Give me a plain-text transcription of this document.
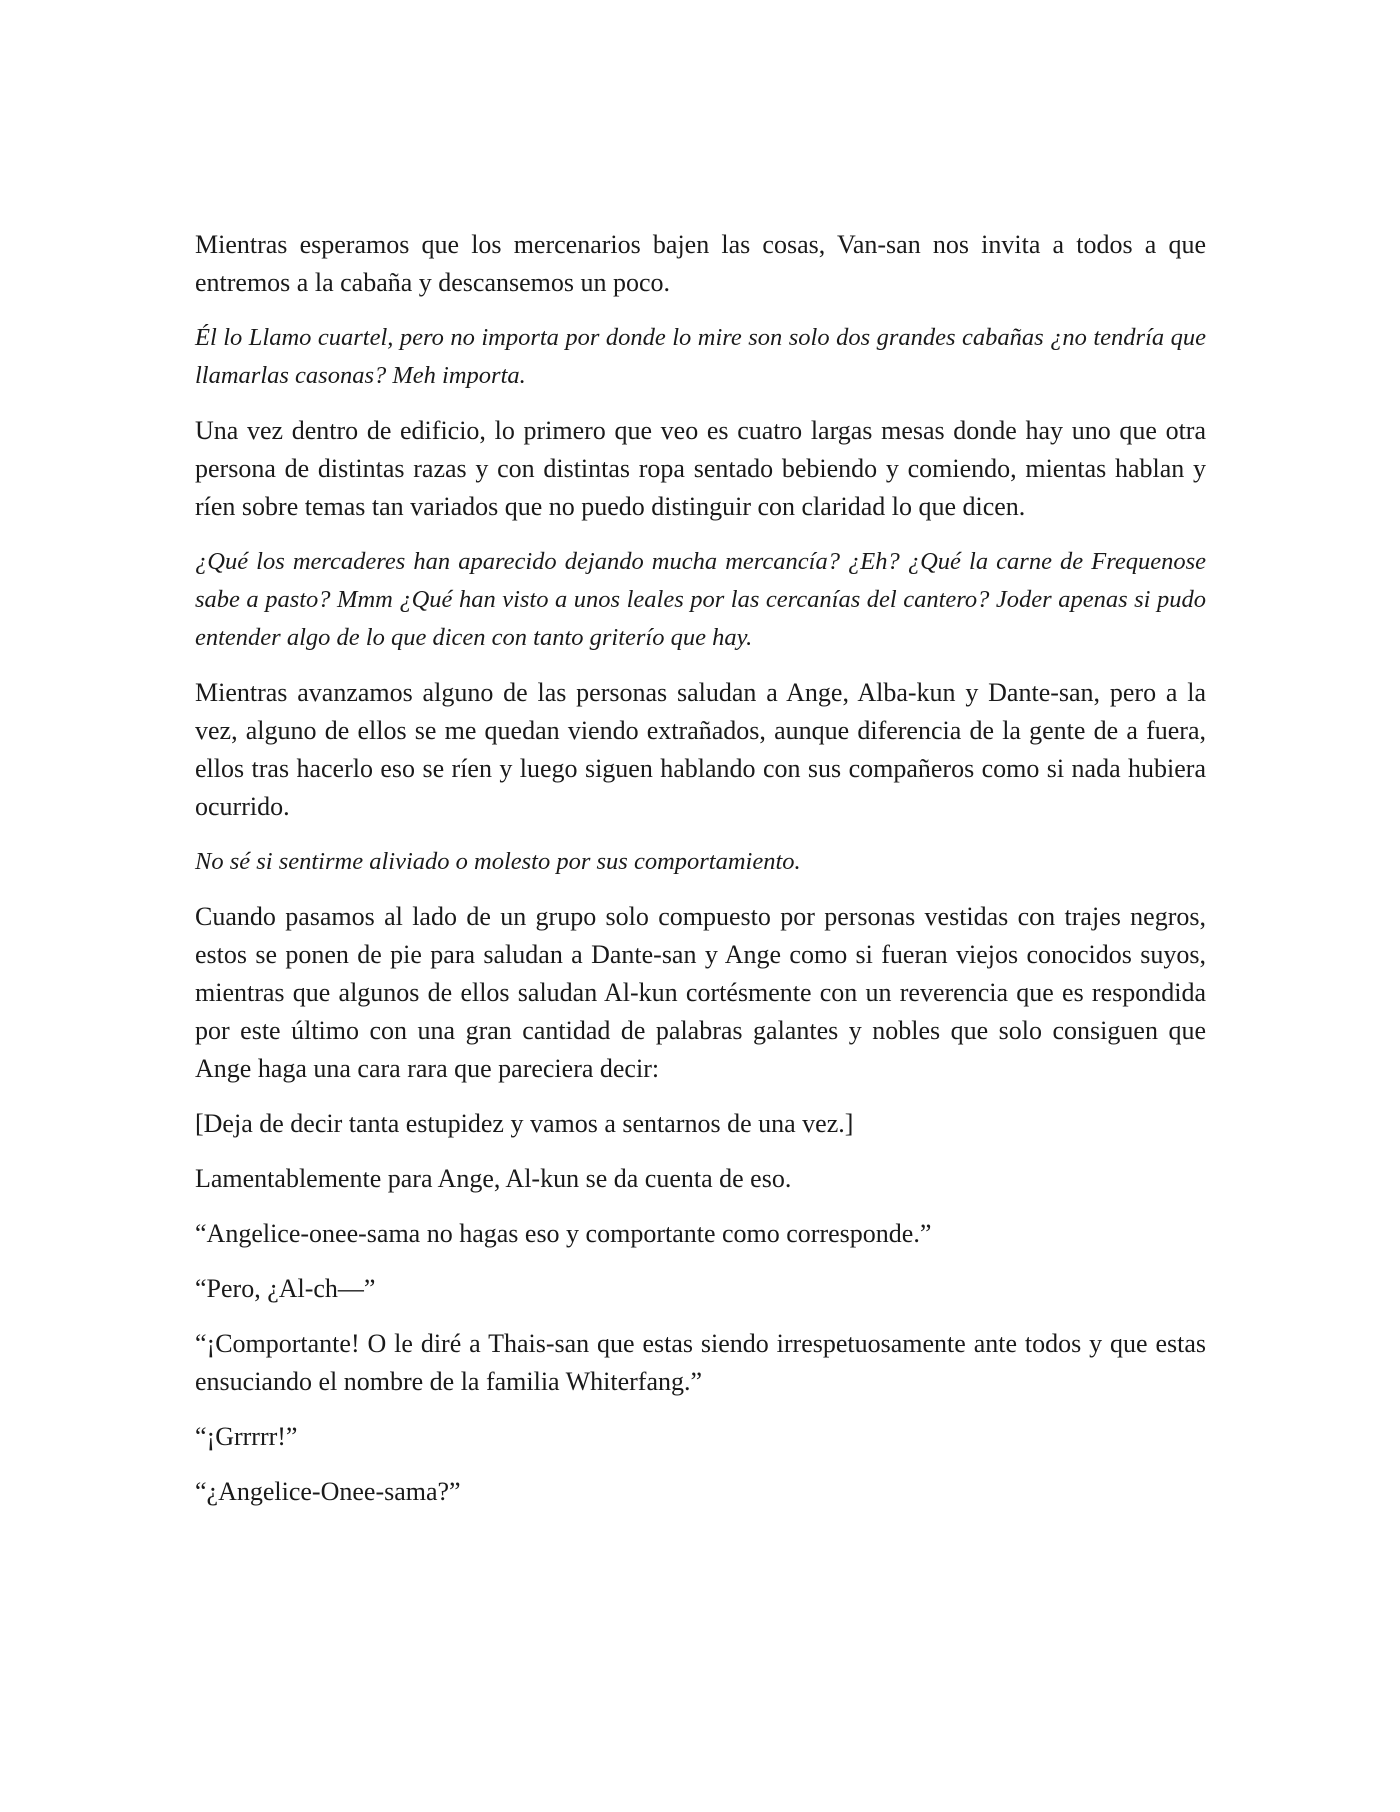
Mientras esperamos que los mercenarios bajen las cosas, Van-san nos invita a todos a que entremos a la cabaña y descansemos un poco.

Él lo Llamo cuartel, pero no importa por donde lo mire son solo dos grandes cabañas ¿no tendría que llamarlas casonas? Meh importa.

Una vez dentro de edificio, lo primero que veo es cuatro largas mesas donde hay uno que otra persona de distintas razas y con distintas ropa sentado bebiendo y comiendo, mientas hablan y ríen sobre temas tan variados que no puedo distinguir con claridad lo que dicen.

¿Qué los mercaderes han aparecido dejando mucha mercancía? ¿Eh? ¿Qué la carne de Frequenose sabe a pasto? Mmm ¿Qué han visto a unos leales por las cercanías del cantero? Joder apenas si pudo entender algo de lo que dicen con tanto griterío que hay.

Mientras avanzamos alguno de las personas saludan a Ange, Alba-kun y Dante-san, pero a la vez, alguno de ellos se me quedan viendo extrañados, aunque diferencia de la gente de a fuera, ellos tras hacerlo eso se ríen y luego siguen hablando con sus compañeros como si nada hubiera ocurrido.

No sé si sentirme aliviado o molesto por sus comportamiento.

Cuando pasamos al lado de un grupo solo compuesto por personas vestidas con trajes negros, estos se ponen de pie para saludan a Dante-san y Ange como si fueran viejos conocidos suyos, mientras que algunos de ellos saludan Al-kun cortésmente con un reverencia que es respondida por este último con una gran cantidad de palabras galantes y nobles que solo consiguen que Ange haga una cara rara que pareciera decir:

[Deja de decir tanta estupidez y vamos a sentarnos de una vez.]

Lamentablemente para Ange, Al-kun se da cuenta de eso.

“Angelice-onee-sama no hagas eso y comportante como corresponde.”

“Pero, ¿Al-ch—”

“¡Comportante! O le diré a Thais-san que estas siendo irrespetuosamente ante todos y que estas ensuciando el nombre de la familia Whiterfang.”

“¡Grrrrr!”

“¿Angelice-Onee-sama?”
